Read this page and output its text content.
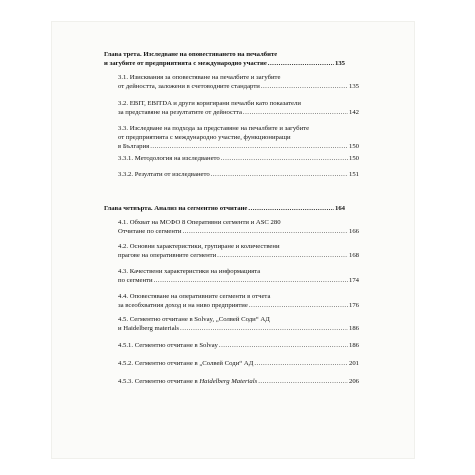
Глава трета. Изследване на оповестяването на печалбите
и загубите от предприятията с международно участие .....	135
3.1. Изисквания за оповестяване на печалбите и загубите
от дейността, заложени в счетоводните стандарти .....	135
3.2. EBIT, EBITDA и други коригирани печалби като показатели
за представяне на резултатите от дейността .....	142
3.3. Изследване на подхода за представяне на печалбите и загубите
от предприятията с международно участие, функциониращи
в България .....	150
3.3.1. Методология на изследването .....	150
3.3.2. Резултати от изследването .....	151
Глава четвърта. Анализ на сегментно отчитане .....	164
4.1. Обхват на МСФО 8 Оперативни сегменти и ASC 280
Отчитане по сегменти .....	166
4.2. Основни характеристики, групиране и количествени
прагове на оперативните сегменти .....	168
4.3. Качествени характеристики на информацията
по сегменти .....	174
4.4. Оповестяване на оперативните сегменти в отчета
за всеобхватния доход и на ниво предприятие .....	176
4.5. Сегментно отчитане в Solvay, „Солвей Соди“ АД
и Haidelberg materials .....	186
4.5.1. Сегментно отчитане в Solvay .....	186
4.5.2. Сегментно отчитане в „Солвей Соди“ АД .....	201
4.5.3. Сегментно отчитане в Haidelberg Materials .....	206
